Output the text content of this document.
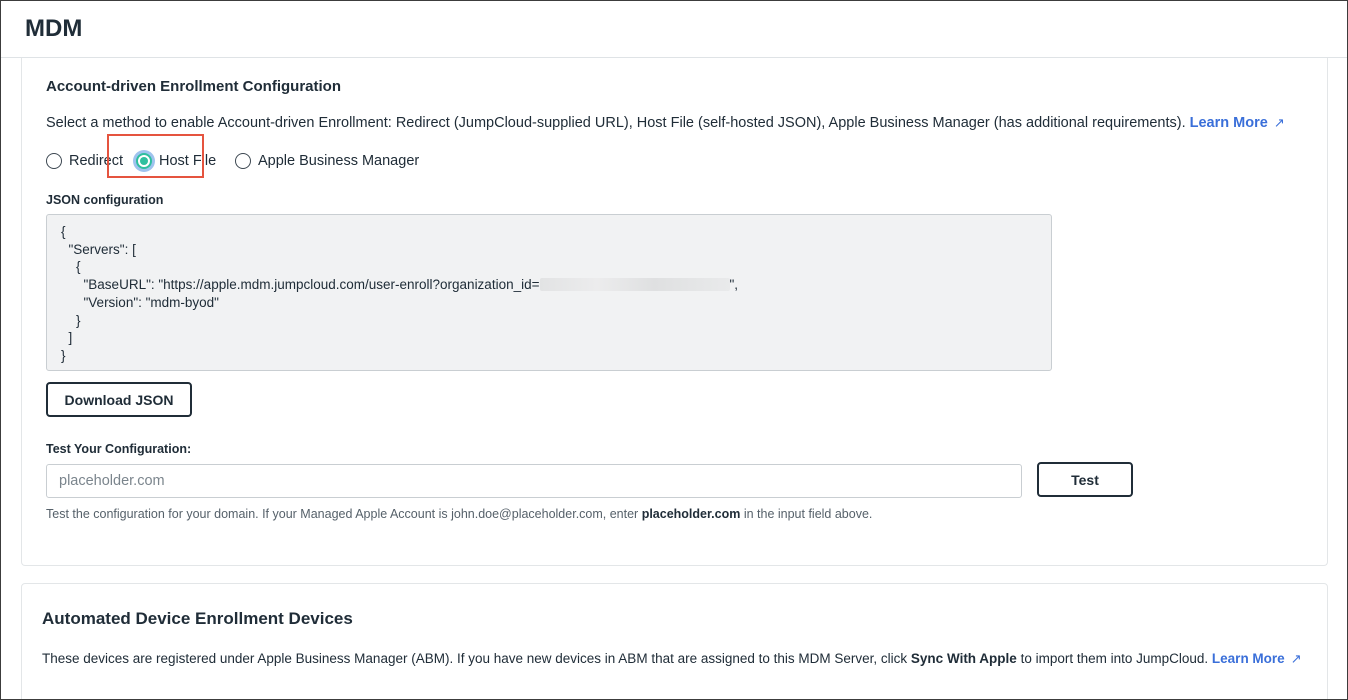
MDM
Account-driven Enrollment Configuration
Select a method to enable Account-driven Enrollment: Redirect (JumpCloud-supplied URL), Host File (self-hosted JSON), Apple Business Manager (has additional requirements). Learn More ↗
Redirect Host File	Apple Business Manager
JSON configuration
{
"Servers": [
{
"BaseURL": "https://apple.mdm.jumpcloud.com/user-enroll?organization_id=	",
"Version": "mdm-byod"
}
]
}
Download JSON
Test Your Configuration:
placeholder.com
Test
Test the configuration for your domain. If your Managed Apple Account is john.doe@placeholder.com, enter placeholder.com in the input field above.
Automated Device Enrollment Devices
These devices are registered under Apple Business Manager (ABM). If you have new devices in ABM that are assigned to this MDM Server, click Sync With Apple to import them into JumpCloud. Learn More ↗
